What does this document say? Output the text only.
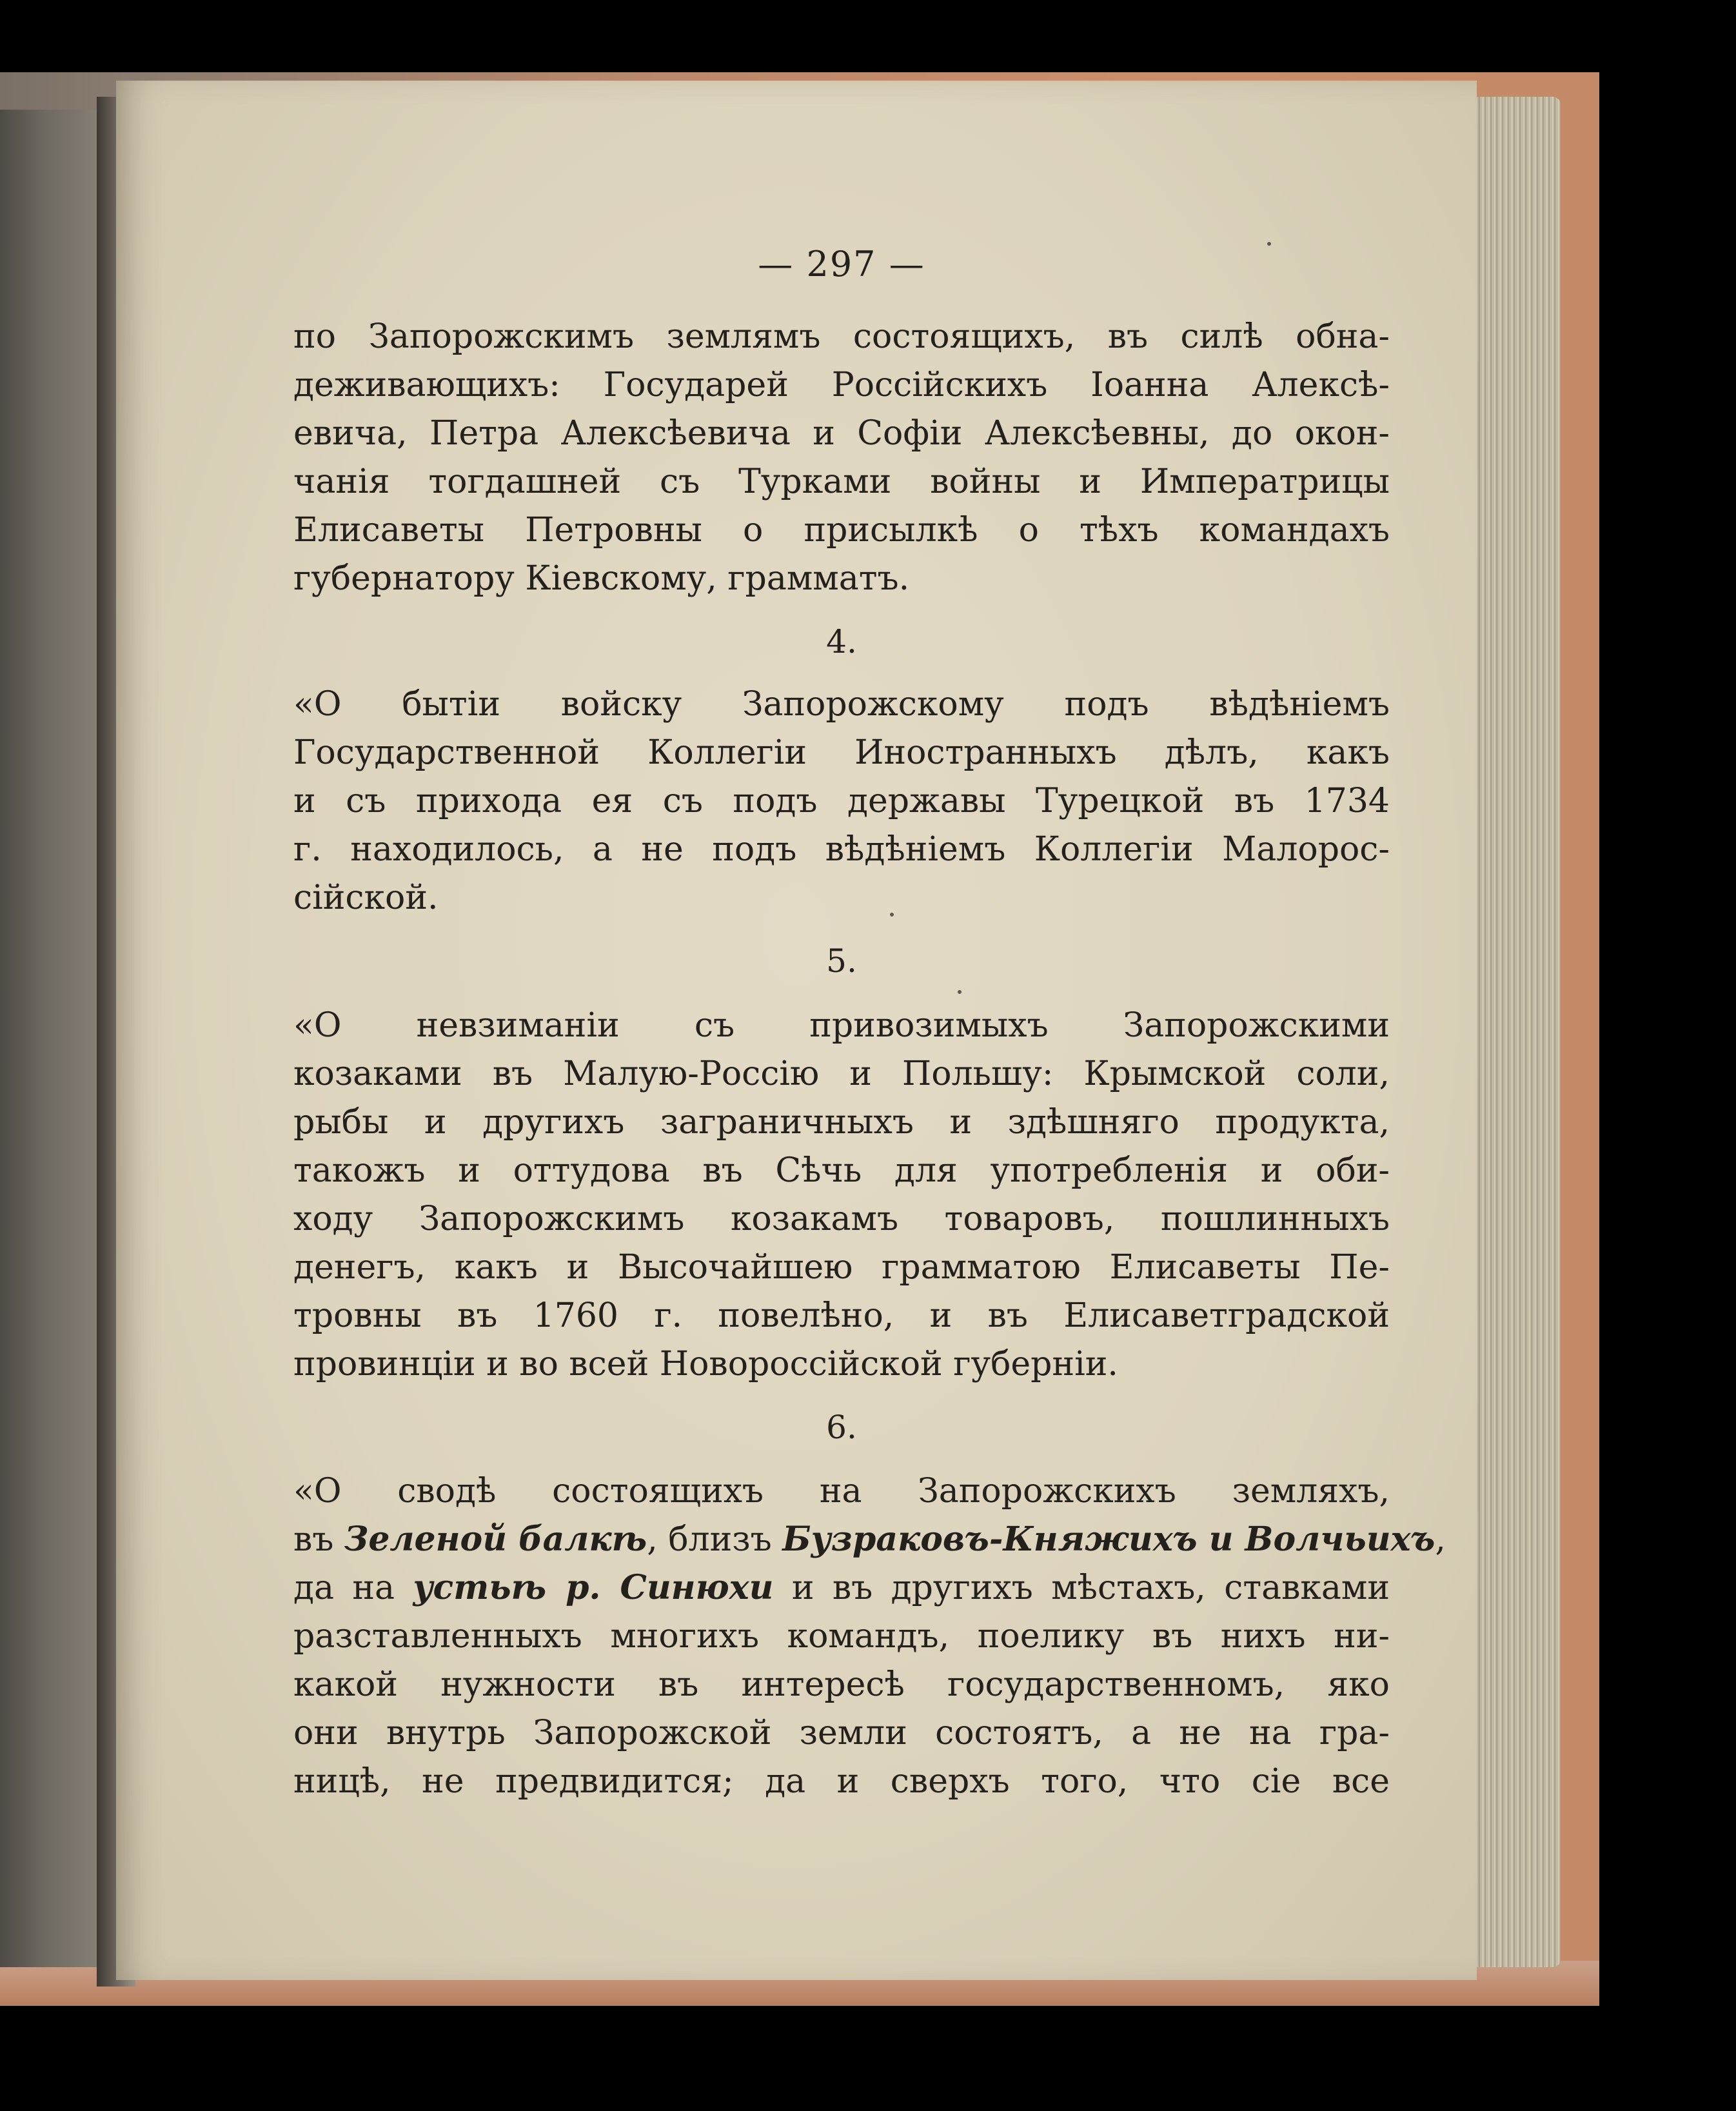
— 297 —
по Запорожскимъ землямъ состоящихъ, въ силѣ обна-
деживающихъ: Государей Россійскихъ Іоанна Алексѣ-
евича, Петра Алексѣевича и Софіи Алексѣевны, до окон-
чанія тогдашней съ Турками войны и Императрицы
Елисаветы Петровны о присылкѣ о тѣхъ командахъ
губернатору Кіевскому, грамматъ.
4.
«О бытіи войску Запорожскому подъ вѣдѣніемъ
Государственной Коллегіи Иностранныхъ дѣлъ, какъ
и съ прихода ея съ подъ державы Турецкой въ 1734
г. находилось, а не подъ вѣдѣніемъ Коллегіи Малорос-
сійской.
5.
«О невзиманіи съ привозимыхъ Запорожскими
козаками въ Малую-Россію и Польшу: Крымской соли,
рыбы и другихъ заграничныхъ и здѣшняго продукта,
такожъ и оттудова въ Сѣчь для употребленія и оби-
ходу Запорожскимъ козакамъ товаровъ, пошлинныхъ
денегъ, какъ и Высочайшею грамматою Елисаветы Пе-
тровны въ 1760 г. повелѣно, и въ Елисаветградской
провинціи и во всей Новороссійской губерніи.
6.
«О сводѣ состоящихъ на Запорожскихъ земляхъ,
въ Зеленой балкѣ, близъ Бузраковъ-Княжихъ и Волчьихъ,
да на устьѣ р. Синюхи и въ другихъ мѣстахъ, ставками
разставленныхъ многихъ командъ, поелику въ нихъ ни-
какой нужности въ интересѣ государственномъ, яко
они внутрь Запорожской земли состоятъ, а не на гра-
ницѣ, не предвидится; да и сверхъ того, что сіе все
